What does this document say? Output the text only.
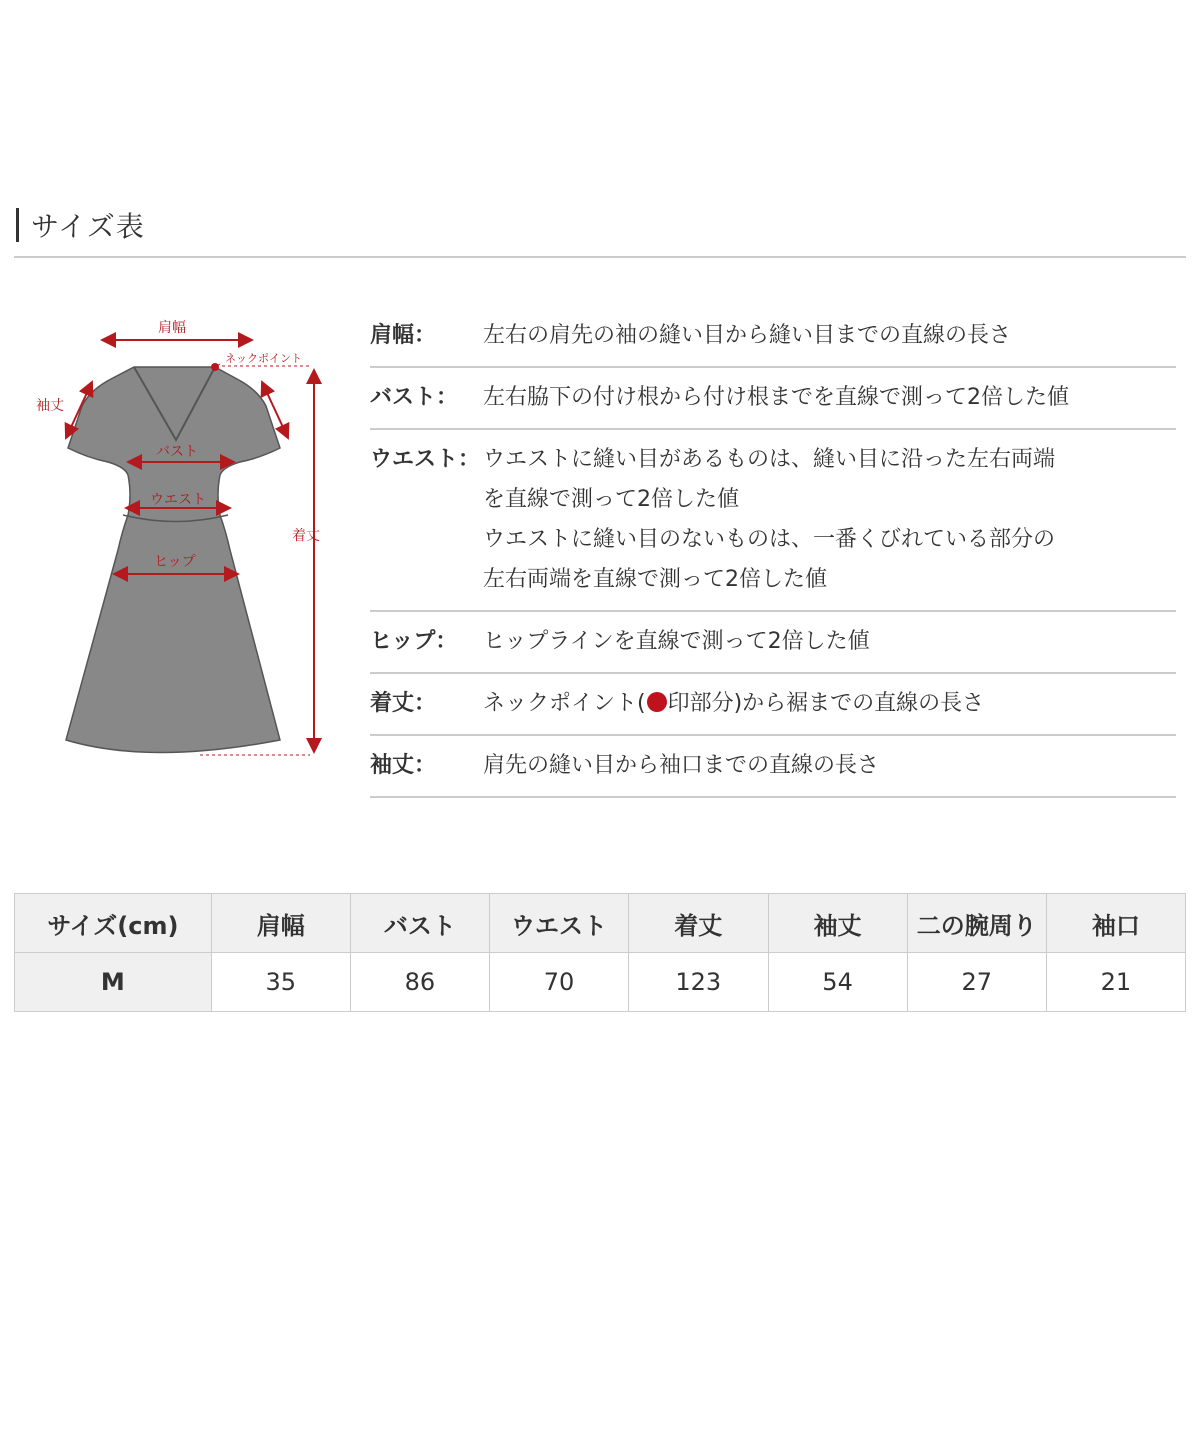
サイズ表
肩幅
ネックポイント
袖丈
バスト
ウエスト
ヒップ
着丈
肩幅：	左右の肩先の袖の縫い目から縫い目までの直線の長さ
バスト：	左右脇下の付け根から付け根までを直線で測って2倍した値
ウエスト： ウエストに縫い目があるものは、縫い目に沿った左右両端
を直線で測って2倍した値
ウエストに縫い目のないものは、一番くびれている部分の
左右両端を直線で測って2倍した値
ヒップ：	ヒップラインを直線で測って2倍した値
着丈：	ネックポイント( 印部分)から裾までの直線の長さ
袖丈：	肩先の縫い目から袖口までの直線の長さ
サイズ(cm)	肩幅	バスト	ウエスト	着丈	袖丈	二の腕周り	袖口
M	35	86	70	123	54	27	21
